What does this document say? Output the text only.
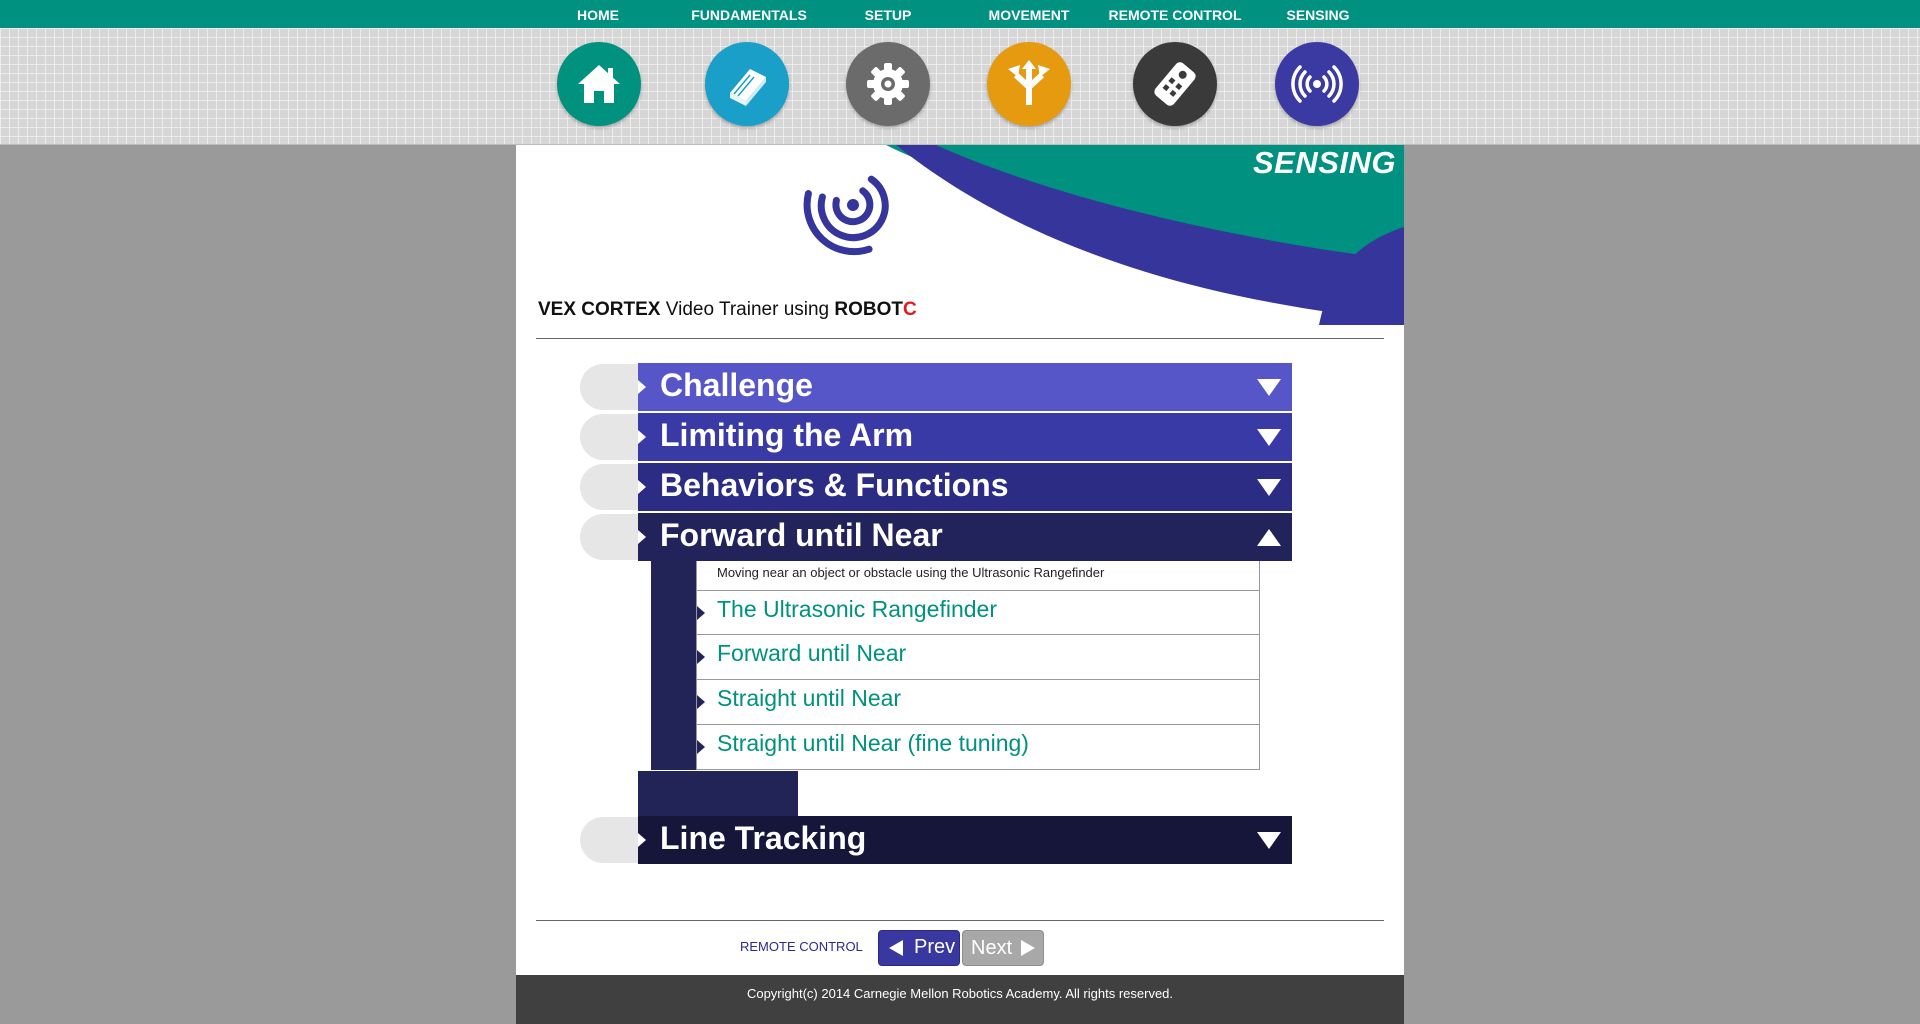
HOME	FUNDAMENTALS	SETUP	MOVEMENT	REMOTE CONTROL	SENSING
SENSING
VEX CORTEX Video Trainer using ROBOTC
Challenge
Limiting the Arm
Behaviors & Functions
Forward until Near
Moving near an object or obstacle using the Ultrasonic Rangefinder
The Ultrasonic Rangefinder
Forward until Near
Straight until Near
Straight until Near (fine tuning)
Line Tracking
REMOTE CONTROL	Prev Next
Copyright(c) 2014 Carnegie Mellon Robotics Academy. All rights reserved.
